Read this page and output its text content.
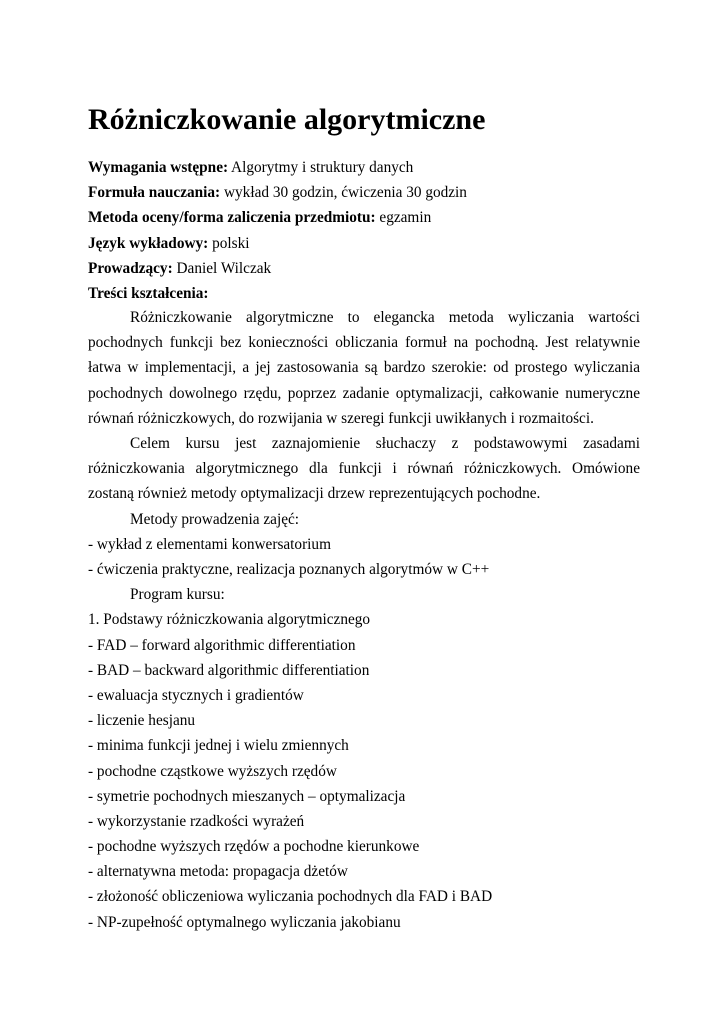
Różniczkowanie algorytmiczne
Wymagania wstępne: Algorytmy i struktury danych
Formuła nauczania: wykład 30 godzin, ćwiczenia 30 godzin
Metoda oceny/forma zaliczenia przedmiotu: egzamin
Język wykładowy: polski
Prowadzący: Daniel Wilczak
Treści kształcenia:

Różniczkowanie algorytmiczne to elegancka metoda wyliczania wartości pochodnych funkcji bez konieczności obliczania formuł na pochodną. Jest relatywnie łatwa w implementacji, a jej zastosowania są bardzo szerokie: od prostego wyliczania pochodnych dowolnego rzędu, poprzez zadanie optymalizacji, całkowanie numeryczne równań różniczkowych, do rozwijania w szeregi funkcji uwikłanych i rozmaitości.

Celem kursu jest zaznajomienie słuchaczy z podstawowymi zasadami różniczkowania algorytmicznego dla funkcji i równań różniczkowych. Omówione zostaną również metody optymalizacji drzew reprezentujących pochodne.

Metody prowadzenia zajęć:
- wykład z elementami konwersatorium
- ćwiczenia praktyczne, realizacja poznanych algorytmów w C++
Program kursu:
1. Podstawy różniczkowania algorytmicznego
- FAD – forward algorithmic differentiation
- BAD – backward algorithmic differentiation
- ewaluacja stycznych i gradientów
- liczenie hesjanu
- minima funkcji jednej i wielu zmiennych
- pochodne cząstkowe wyższych rzędów
- symetrie pochodnych mieszanych – optymalizacja
- wykorzystanie rzadkości wyrażeń
- pochodne wyższych rzędów a pochodne kierunkowe
- alternatywna metoda: propagacja dżetów
- złożoność obliczeniowa wyliczania pochodnych dla FAD i BAD
- NP-zupełność optymalnego wyliczania jakobianu
